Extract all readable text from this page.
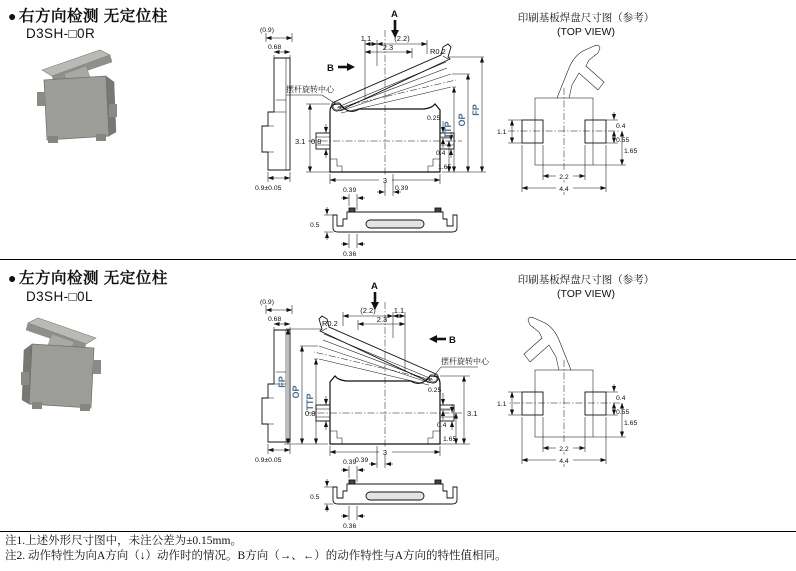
● 右方向检测 无定位柱
D3SH-□0R	(0.9)
0.68
0.9±0.05
A
B
摆杆旋转中心
1.1	(2.2)
2.3	R0.2
3.1 0.8
0.25
0.4
1.65
TTP
OP
FP
3
0.39
印刷基板焊盘尺寸图（参考）
(TOP VIEW)
1.1
0.4
0.55
1.65
2.2
4.4
0.39
0.5
0.36
● 左方向检测 无定位柱
D3SH-□0L	(0.9)
0.68
0.9±0.05
A
B
摆杆旋转中心
1.1
(2.2)
2.3
R0.2
3.1
0.8
0.25
0.4
1.65
TTP
OP
FP
3
0.39
印刷基板焊盘尺寸图（参考）
(TOP VIEW)
1.1
0.4
0.55
1.65
2.2
4.4
0.39
0.5
0.36
注1.上述外形尺寸图中，未注公差为±0.15mm。
注2. 动作特性为向A方向（↓）动作时的情况。B方向（→、←）的动作特性与A方向的特性值相同。
